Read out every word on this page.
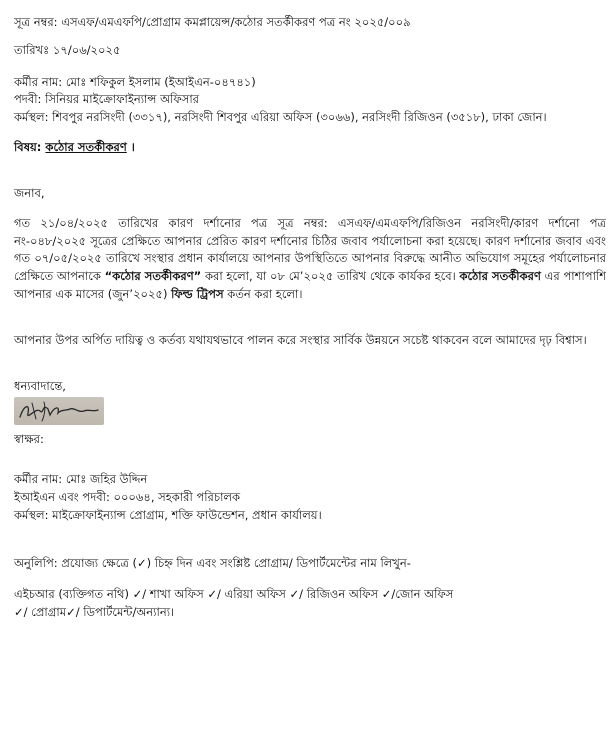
সূত্র নম্বর: এসএফ/এমএফপি/প্রোগ্রাম কমপ্লায়েন্স/কঠোর সতর্কীকরণ পত্র নং ২০২৫/০০৯

তারিখঃ ১৭/০৬/২০২৫

কর্মীর নাম: মোঃ শফিকুল ইসলাম (ইআইএন-০৪৭৪১)

পদবী: সিনিয়র মাইক্রোফাইন্যান্স অফিসার

কর্মস্থল: শিবপুর নরসিংদী (৩৩১৭), নরসিংদী শিবপুর এরিয়া অফিস (৩০৬৬), নরসিংদী রিজিওন (৩৫১৮), ঢাকা জোন।

বিষয়: কঠোর সতর্কীকরণ ।

জনাব,

গত ২১/০৪/২০২৫ তারিখের কারণ দর্শানোর পত্র সূত্র নম্বর: এসএফ/এমএফপি/রিজিওন নরসিংদী/কারণ দর্শানো পত্র নং-০৪৮/২০২৫ সূত্রের প্রেক্ষিতে আপনার প্রেরিত কারণ দর্শানোর চিঠির জবাব পর্যালোচনা করা হয়েছে। কারণ দর্শানোর জবাব এবং গত ০৭/০৫/২০২৫ তারিখে সংস্থার প্রধান কার্যালয়ে আপনার উপস্থিতিতে আপনার বিরুদ্ধে আনীত অভিযোগ সমূহের পর্যালোচনার প্রেক্ষিতে আপনাকে “কঠোর সতর্কীকরণ” করা হলো, যা ০৮ মে’২০২৫ তারিখ থেকে কার্যকর হবে। কঠোর সতর্কীকরণ এর পাশাপাশি আপনার এক মাসের (জুন’২০২৫) ফিল্ড ট্রিপস কর্তন করা হলো।

আপনার উপর অর্পিত দায়িত্ব ও কর্তব্য যথাযথভাবে পালন করে সংস্থার সার্বিক উন্নয়নে সচেষ্ট থাকবেন বলে আমাদের দৃঢ় বিশ্বাস।

ধন্যবাদান্তে,

স্বাক্ষর:

কর্মীর নাম: মোঃ জহির উদ্দিন

ইআইএন এবং পদবী: ০০০৬৪, সহকারী পরিচালক

কর্মস্থল: মাইক্রোফাইন্যান্স প্রোগ্রাম, শক্তি ফাউন্ডেশন, প্রধান কার্যালয়।

অনুলিপি: প্রযোজ্য ক্ষেত্রে (✓) চিহ্ন দিন এবং সংশ্লিষ্ট প্রোগ্রাম/ ডিপার্টমেন্টের নাম লিখুন-

এইচআর (ব্যক্তিগত নথি) ✓/ শাখা অফিস ✓/ এরিয়া অফিস ✓/ রিজিওন অফিস ✓/জোন অফিস

✓/ প্রোগ্রাম✓/ ডিপার্টমেন্ট/অন্যান্য।
